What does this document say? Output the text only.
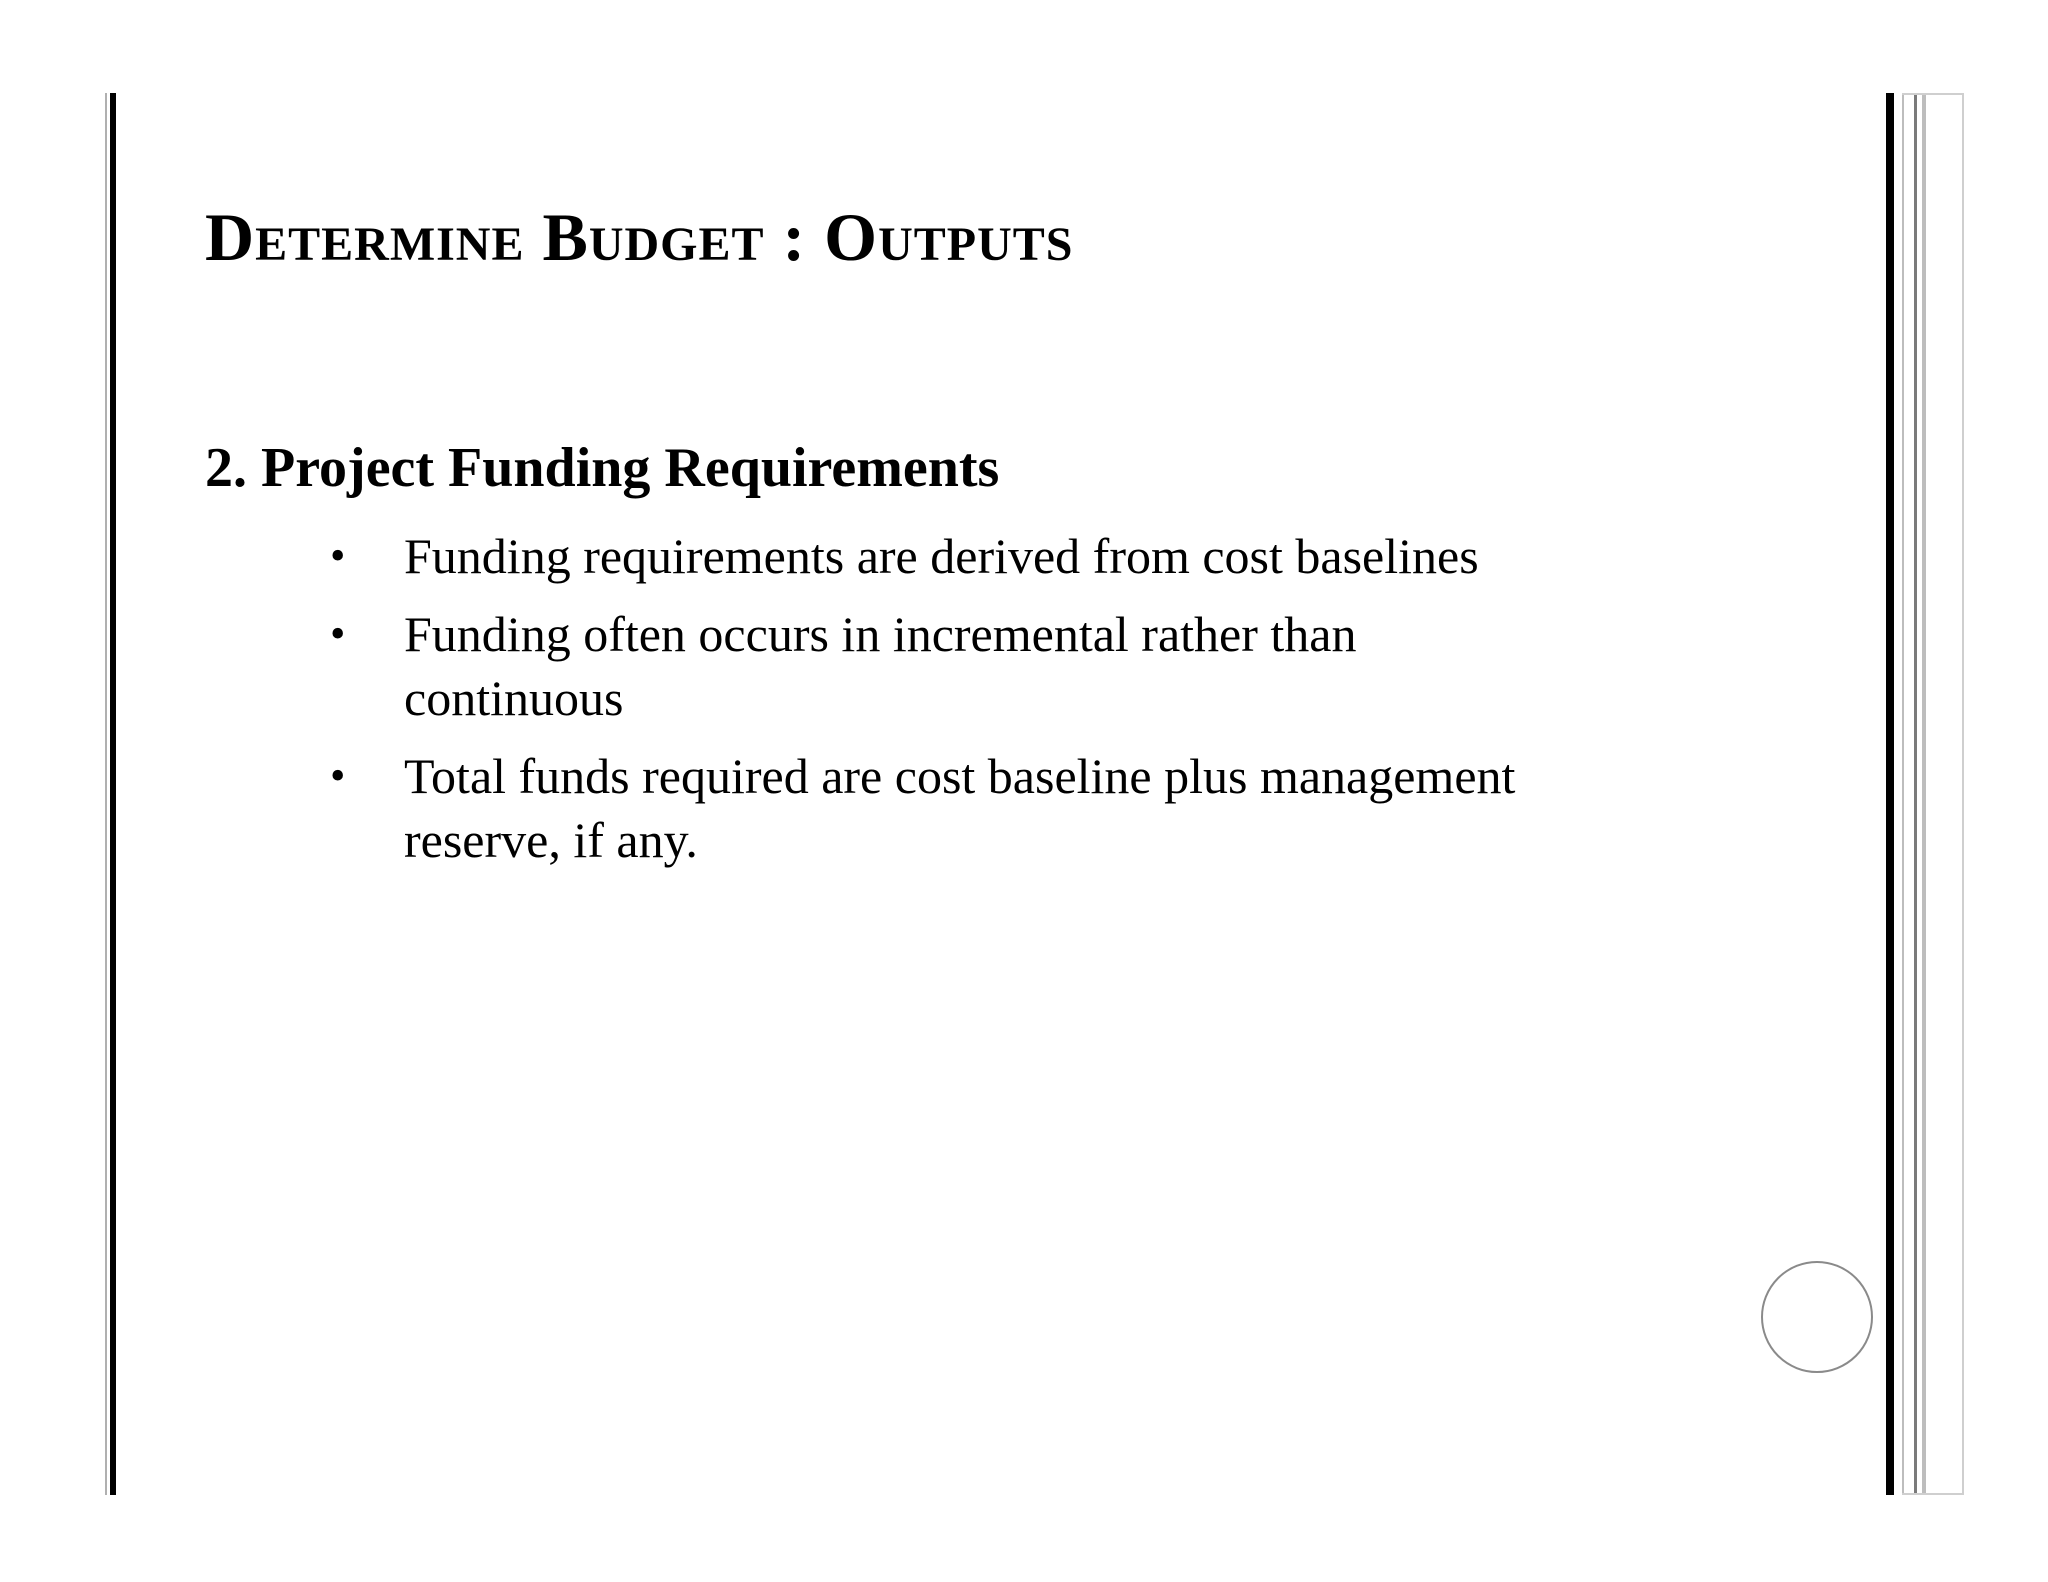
Determine Budget : Outputs
2. Project Funding Requirements
• Funding requirements are derived from cost baselines
• Funding often occurs in incremental rather than continuous
• Total funds required are cost baseline plus management reserve, if any.
